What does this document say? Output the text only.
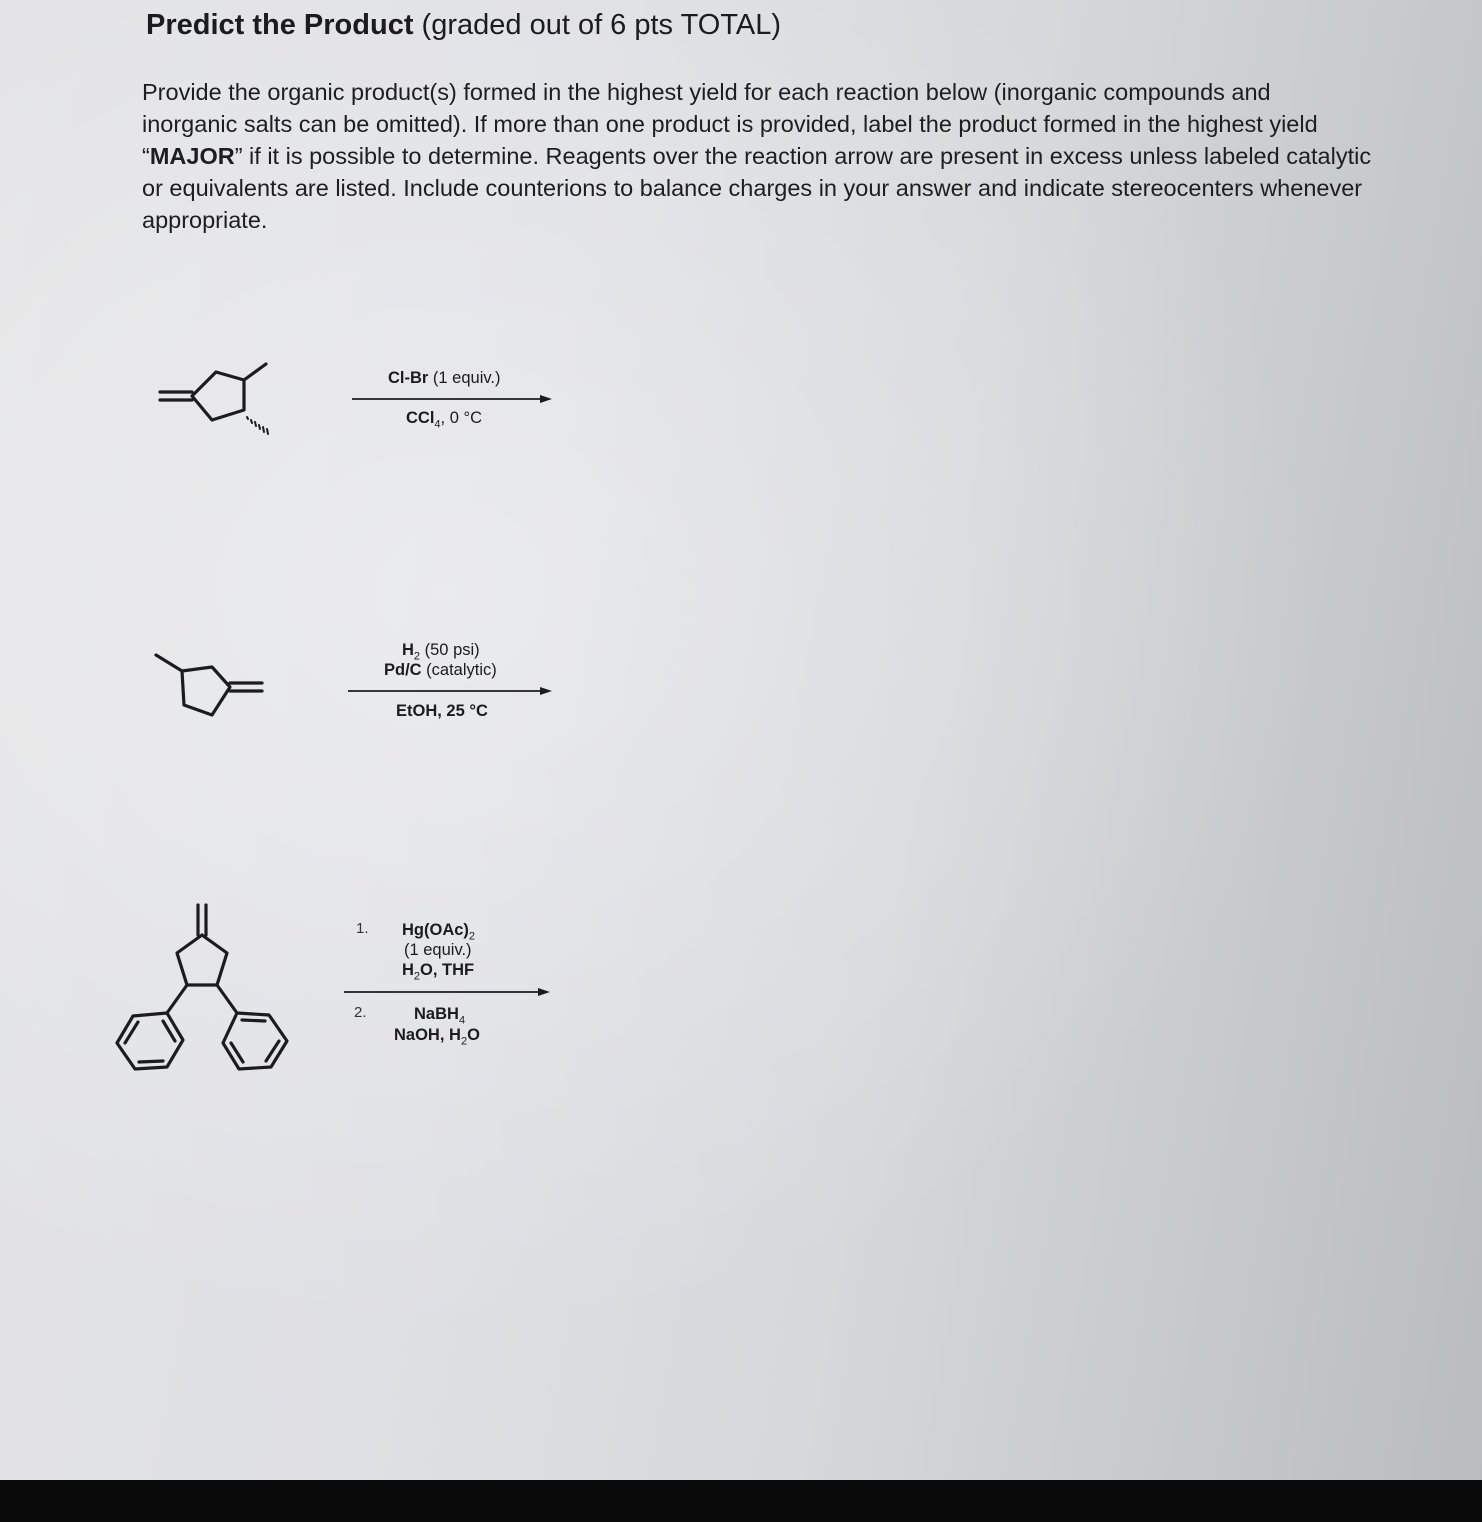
Predict the Product (graded out of 6 pts TOTAL)

Provide the organic product(s) formed in the highest yield for each reaction below (inorganic compounds and inorganic salts can be omitted). If more than one product is provided, label the product formed in the highest yield “MAJOR” if it is possible to determine. Reagents over the reaction arrow are present in excess unless labeled catalytic or equivalents are listed. Include counterions to balance charges in your answer and indicate stereocenters whenever appropriate.

Cl-Br (1 equiv.)
CCl$_4$, 0 °C
$H_2$ (50 psi)
Pd/C (catalytic)
EtOH, 25 °C
1. $Hg(OAc)_2$
(1 equiv.)
$H_2O$, THF
2.	NaBH$_4$
NaOH, $H_2O$
